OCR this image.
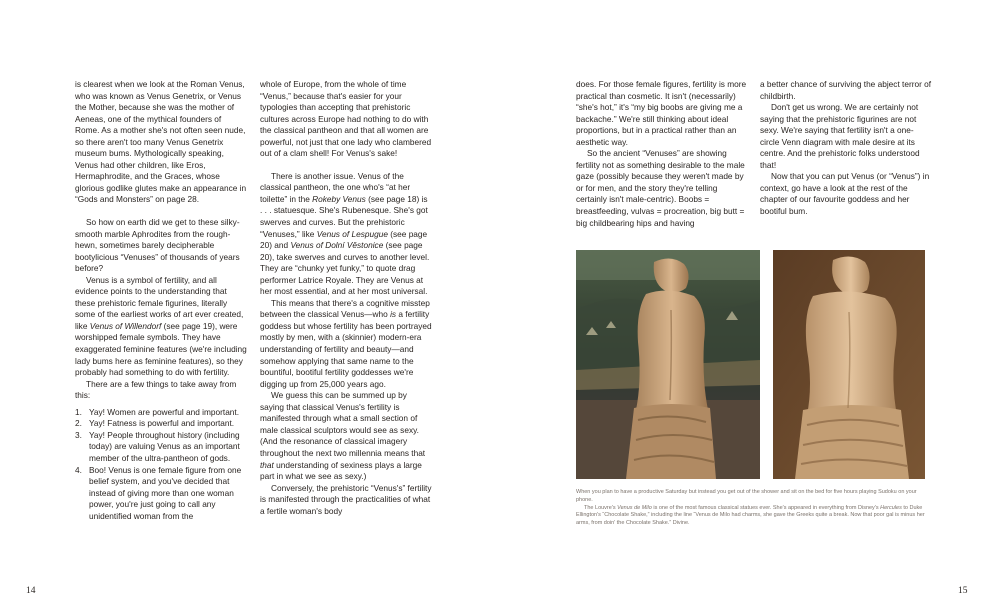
is clearest when we look at the Roman Venus, who was known as Venus Genetrix, or Venus the Mother, because she was the mother of Aeneas, one of the mythical founders of Rome. As a mother she's not often seen nude, so there aren't too many Venus Genetrix museum bums. Mythologically speaking, Venus had other children, like Eros, Hermaphrodite, and the Graces, whose glorious godlike glutes make an appearance in “Gods and Monsters” on page 28.

So how on earth did we get to these silky-smooth marble Aphrodites from the rough-hewn, sometimes barely decipherable bootylicious “Venuses” of thousands of years before?

Venus is a symbol of fertility, and all evidence points to the understanding that these prehistoric female figurines, literally some of the earliest works of art ever created, like Venus of Willendorf (see page 19), were worshipped female symbols. They have exaggerated feminine features (we're including lady bums here as feminine features), so they probably had something to do with fertility.

There are a few things to take away from this:

1. Yay! Women are powerful and important.
2. Yay! Fatness is powerful and important.
3. Yay! People throughout history (including today) are valuing Venus as an important member of the ultra-pantheon of gods.
4. Boo! Venus is one female figure from one belief system, and you've decided that instead of giving more than one woman power, you're just going to call any unidentified woman from the

whole of Europe, from the whole of time “Venus,” because that's easier for your typologies than accepting that prehistoric cultures across Europe had nothing to do with the classical pantheon and that all women are powerful, not just that one lady who clambered out of a clam shell! For Venus's sake!

There is another issue. Venus of the classical pantheon, the one who's “at her toilette” in the Rokeby Venus (see page 18) is . . . statuesque. She's Rubenesque. She's got swerves and curves. But the prehistoric “Venuses,” like Venus of Lespugue (see page 20) and Venus of Dolní Věstonice (see page 20), take swerves and curves to another level. They are “chunky yet funky,” to quote drag performer Latrice Royale. They are Venus at her most essential, and at her most universal.

This means that there's a cognitive misstep between the classical Venus—who is a fertility goddess but whose fertility has been portrayed mostly by men, with a (skinnier) modern-era understanding of fertility and beauty—and somehow applying that same name to the bountiful, bootiful fertility goddesses we're digging up from 25,000 years ago.

We guess this can be summed up by saying that classical Venus's fertility is manifested through what a small section of male classical sculptors would see as sexy. (And the resonance of classical imagery throughout the next two millennia means that that understanding of sexiness plays a large part in what we see as sexy.)

Conversely, the prehistoric “Venus's” fertility is manifested through the practicalities of what a fertile woman's body

14

does. For those female figures, fertility is more practical than cosmetic. It isn't (necessarily) “she's hot,” it's “my big boobs are giving me a backache.” We're still thinking about ideal proportions, but in a practical rather than an aesthetic way.

So the ancient “Venuses” are showing fertility not as something desirable to the male gaze (possibly because they weren't made by or for men, and the story they're telling certainly isn't male-centric). Boobs = breastfeeding, vulvas = procreation, big butt = big childbearing hips and having

a better chance of surviving the abject terror of childbirth.

Don't get us wrong. We are certainly not saying that the prehistoric figurines are not sexy. We're saying that fertility isn't a one-circle Venn diagram with male desire at its centre. And the prehistoric folks understood that!

Now that you can put Venus (or “Venus”) in context, go have a look at the rest of the chapter of our favourite goddess and her bootiful bum.

When you plan to have a productive Saturday but instead you get out of the shower and sit on the bed for five hours playing Sudoku on your phone.

The Louvre's Venus de Milo is one of the most famous classical statues ever. She's appeared in everything from Disney's Hercules to Duke Ellington's “Chocolate Shake,” including the line “Venus de Milo had charms, she gave the Greeks quite a break. Now that poor gal is minus her arms, from doin' the Chocolate Shake.” Divine.

15
